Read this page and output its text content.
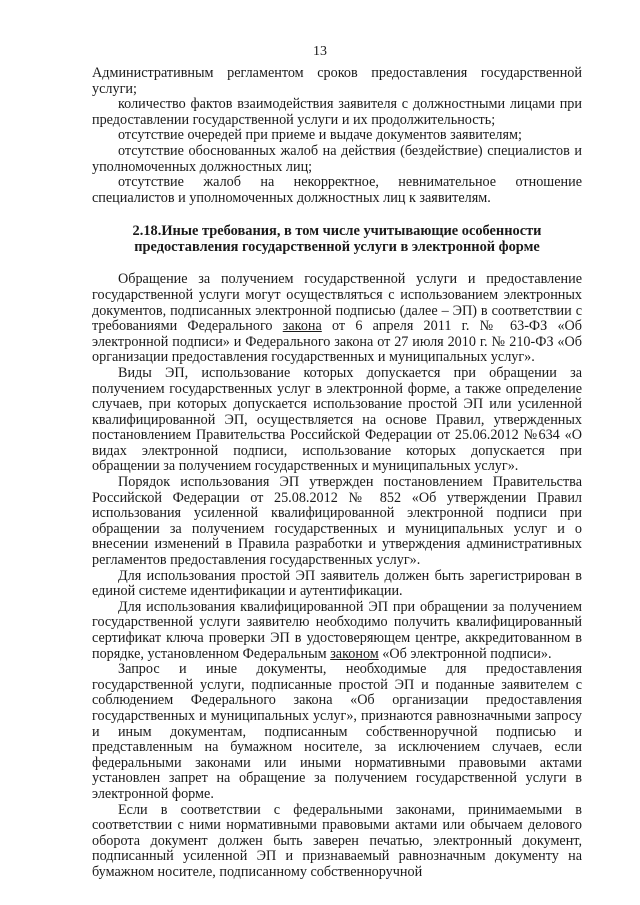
13

Административным регламентом сроков предоставления государственной услуги;

количество фактов взаимодействия заявителя с должностными лицами при предоставлении государственной услуги и их продолжительность;

отсутствие очередей при приеме и выдаче документов заявителям;

отсутствие обоснованных жалоб на действия (бездействие) специалистов и уполномоченных должностных лиц;

отсутствие жалоб на некорректное, невнимательное отношение специалистов и уполномоченных должностных лиц к заявителям.

2.18.Иные требования, в том числе учитывающие особенности предоставления государственной услуги в электронной форме

Обращение за получением государственной услуги и предоставление государственной услуги могут осуществляться с использованием электронных документов, подписанных электронной подписью (далее – ЭП) в соответствии с требованиями Федерального закона от 6 апреля 2011 г. № 63-ФЗ «Об электронной подписи» и Федерального закона от 27 июля 2010 г. № 210-ФЗ «Об организации предоставления государственных и муниципальных услуг».

Виды ЭП, использование которых допускается при обращении за получением государственных услуг в электронной форме, а также определение случаев, при которых допускается использование простой ЭП или усиленной квалифицированной ЭП, осуществляется на основе Правил, утвержденных постановлением Правительства Российской Федерации от 25.06.2012 №634 «О видах электронной подписи, использование которых допускается при обращении за получением государственных и муниципальных услуг».

Порядок использования ЭП утвержден постановлением Правительства Российской Федерации от 25.08.2012 № 852 «Об утверждении Правил использования усиленной квалифицированной электронной подписи при обращении за получением государственных и муниципальных услуг и о внесении изменений в Правила разработки и утверждения административных регламентов предоставления государственных услуг».

Для использования простой ЭП заявитель должен быть зарегистрирован в единой системе идентификации и аутентификации.

Для использования квалифицированной ЭП при обращении за получением государственной услуги заявителю необходимо получить квалифицированный сертификат ключа проверки ЭП в удостоверяющем центре, аккредитованном в порядке, установленном Федеральным законом «Об электронной подписи».

Запрос и иные документы, необходимые для предоставления государственной услуги, подписанные простой ЭП и поданные заявителем с соблюдением Федерального закона «Об организации предоставления государственных и муниципальных услуг», признаются равнозначными запросу и иным документам, подписанным собственноручной подписью и представленным на бумажном носителе, за исключением случаев, если федеральными законами или иными нормативными правовыми актами установлен запрет на обращение за получением государственной услуги в электронной форме.

Если в соответствии с федеральными законами, принимаемыми в соответствии с ними нормативными правовыми актами или обычаем делового оборота документ должен быть заверен печатью, электронный документ, подписанный усиленной ЭП и признаваемый равнозначным документу на бумажном носителе, подписанному собственноручной
